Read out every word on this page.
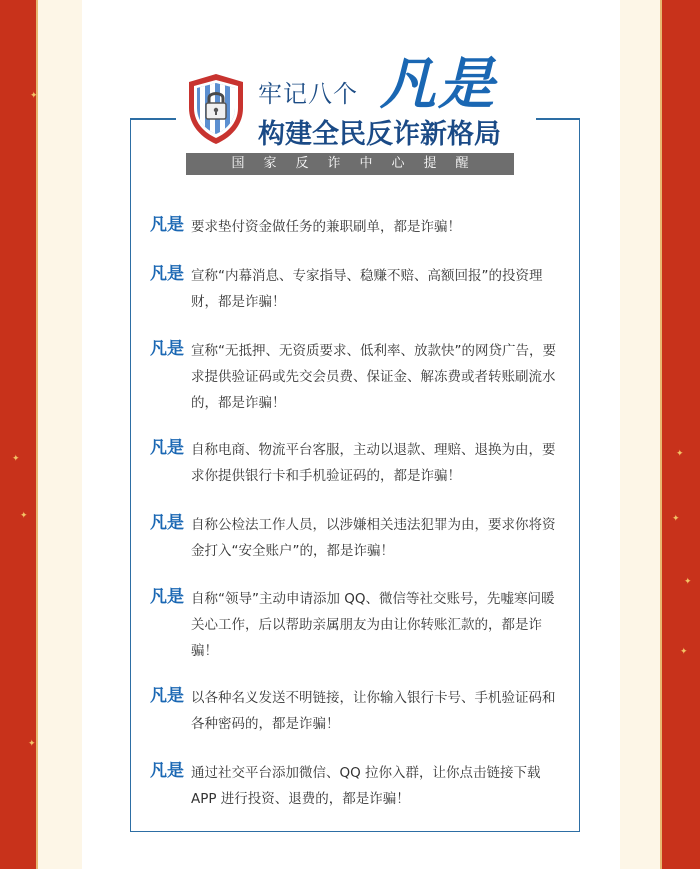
✦
✦
✦
✦
✦
✦
✦
✦
牢记八个 凡是
构建全民反诈新格局
国家反诈中心提醒
凡是 要求垫付资金做任务的兼职刷单，都是诈骗！
凡是 宣称“内幕消息、专家指导、稳赚不赔、高额回报”的投资理财，都是诈骗！
凡是 宣称“无抵押、无资质要求、低利率、放款快”的网贷广告，要求提供验证码或先交会员费、保证金、解冻费或者转账刷流水的，都是诈骗！
凡是 自称电商、物流平台客服，主动以退款、理赔、退换为由，要求你提供银行卡和手机验证码的，都是诈骗！
凡是 自称公检法工作人员，以涉嫌相关违法犯罪为由，要求你将资金打入“安全账户”的，都是诈骗！
凡是 自称“领导”主动申请添加 QQ、微信等社交账号，先嘘寒问暖关心工作，后以帮助亲属朋友为由让你转账汇款的，都是诈骗！
凡是 以各种名义发送不明链接，让你输入银行卡号、手机验证码和各种密码的，都是诈骗！
凡是 通过社交平台添加微信、QQ 拉你入群，让你点击链接下载 APP 进行投资、退费的，都是诈骗！
